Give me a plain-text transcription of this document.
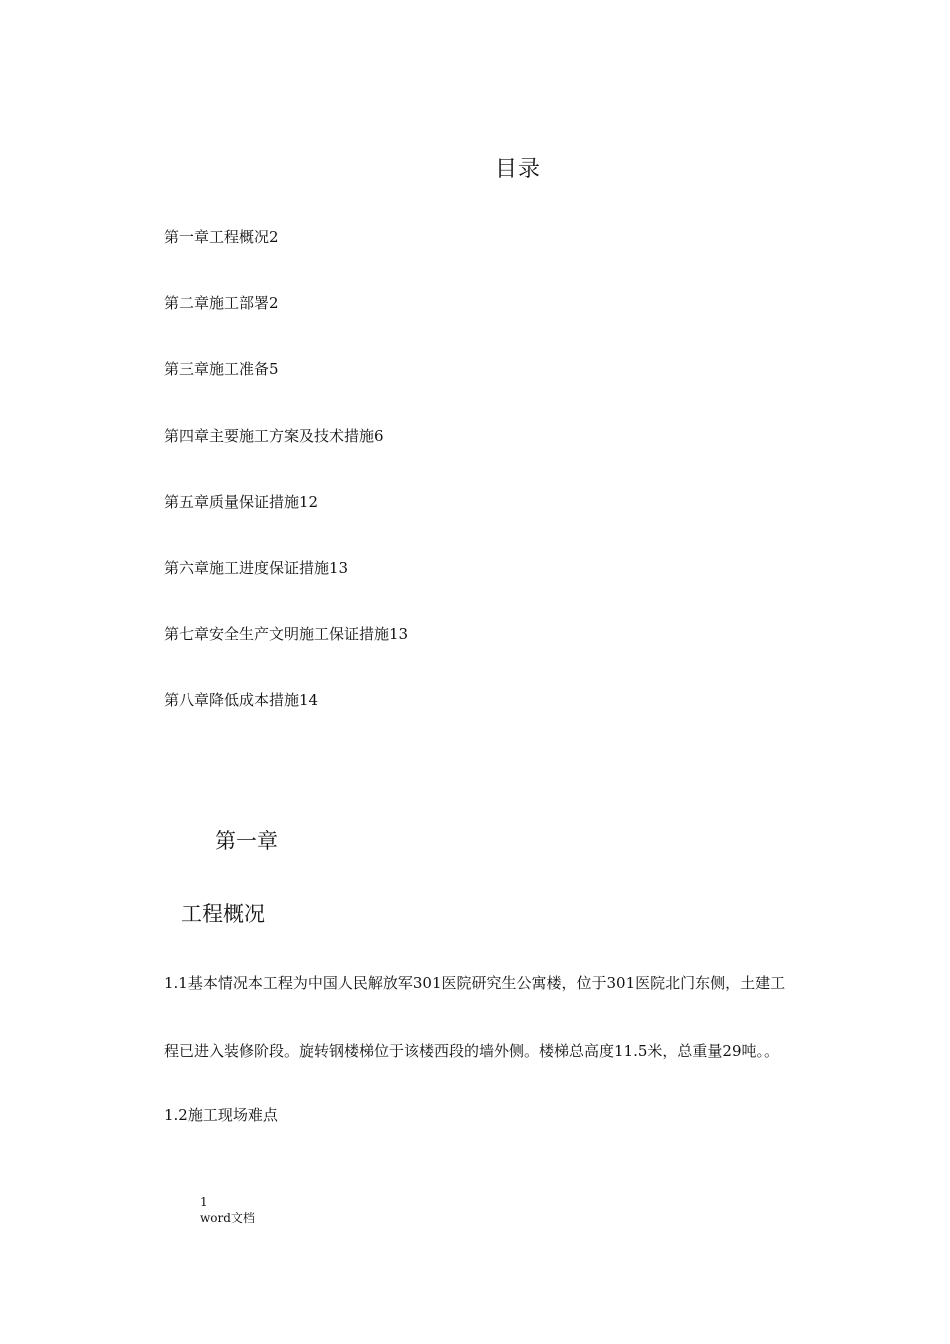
目录
第一章工程概况2
第二章施工部署2
第三章施工准备5
第四章主要施工方案及技术措施6
第五章质量保证措施12
第六章施工进度保证措施13
第七章安全生产文明施工保证措施13
第八章降低成本措施14
第一章
工程概况
1.1基本情况本工程为中国人民解放军301医院研究生公寓楼，位于301医院北门东侧，土建工
程已进入装修阶段。旋转钢楼梯位于该楼西段的墙外侧。楼梯总高度11.5米，总重量29吨。。
1.2施工现场难点
1
word文档
